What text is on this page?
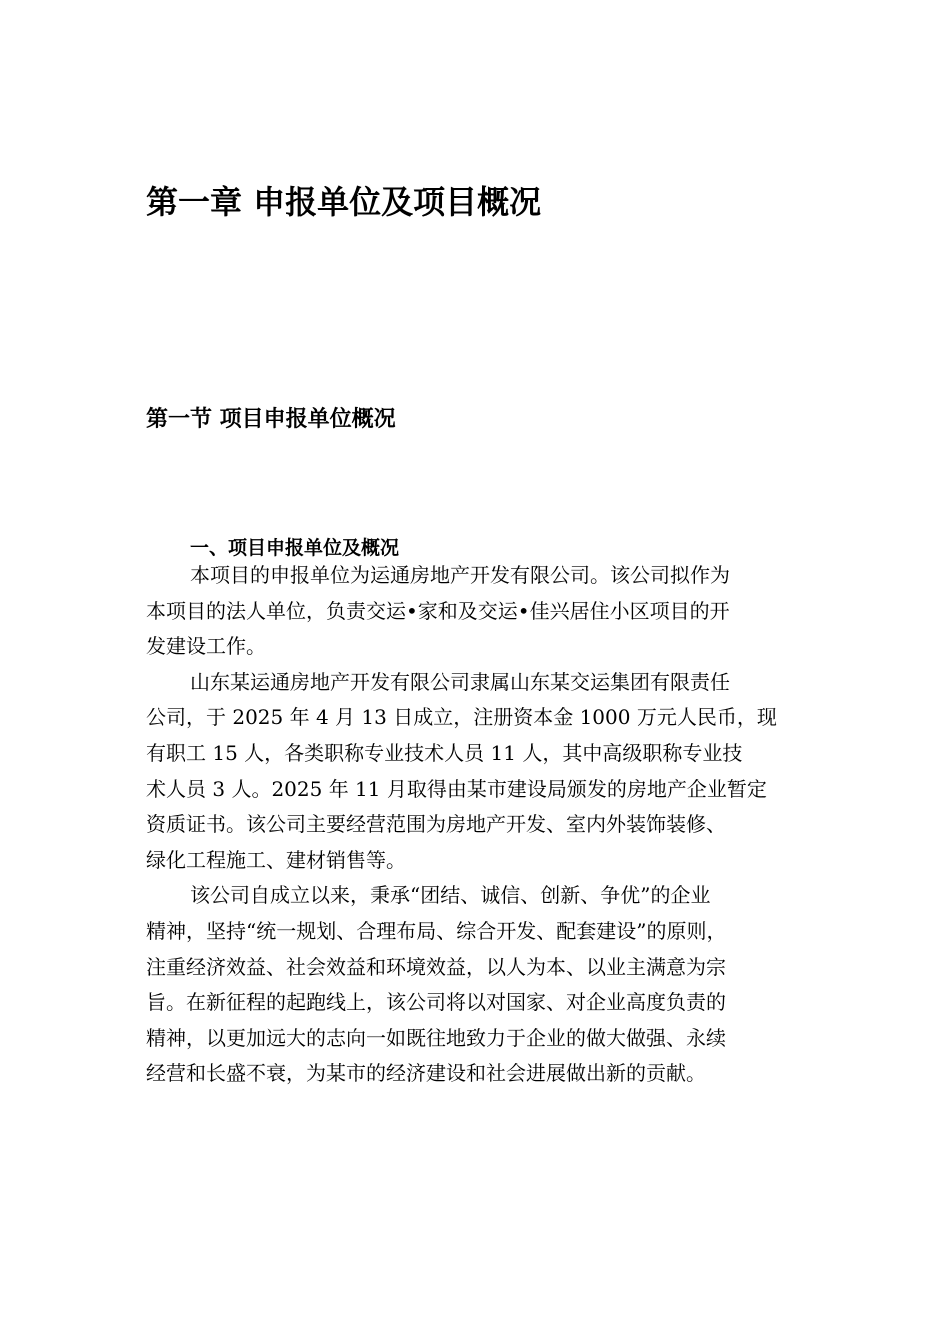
第一章 申报单位及项目概况
第一节 项目申报单位概况
一、项目申报单位及概况

本项目的申报单位为运通房地产开发有限公司。该公司拟作为
本项目的法人单位，负责交运•家和及交运•佳兴居住小区项目的开
发建设工作。

山东某运通房地产开发有限公司隶属山东某交运集团有限责任
公司，于 2025 年 4 月 13 日成立，注册资本金 1000 万元人民币，现
有职工 15 人，各类职称专业技术人员 11 人，其中高级职称专业技
术人员 3 人。2025 年 11 月取得由某市建设局颁发的房地产企业暂定
资质证书。该公司主要经营范围为房地产开发、室内外装饰装修、
绿化工程施工、建材销售等。

该公司自成立以来，秉承“团结、诚信、创新、争优”的企业
精神，坚持“统一规划、合理布局、综合开发、配套建设”的原则，
注重经济效益、社会效益和环境效益，以人为本、以业主满意为宗
旨。在新征程的起跑线上，该公司将以对国家、对企业高度负责的
精神，以更加远大的志向一如既往地致力于企业的做大做强、永续
经营和长盛不衰，为某市的经济建设和社会进展做出新的贡献。
